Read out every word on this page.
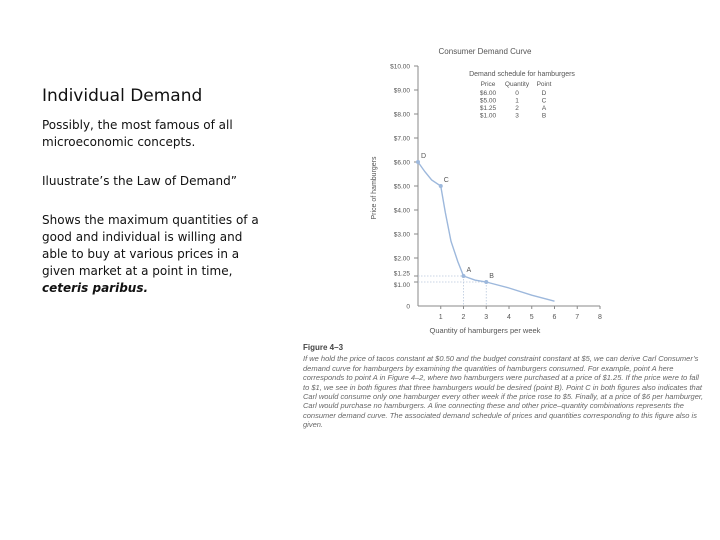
Individual Demand
Possibly, the most famous of all microeconomic concepts.
Iluustrate’s the Law of Demand”
Shows the maximum quantities of a good and individual is willing and able to buy at various prices in a given market at a point in time, ceteris paribus.
Consumer Demand Curve
Price of hamburgers
Quantity of hamburgers per week
$10.00
$9.00
$8.00
$7.00
$6.00
$5.00
$4.00
$3.00
$2.00
$1.25
$1.00
0
1	2	3	4	5	6	7	8
D
C
A
B
Demand schedule for hamburgers
Price Quantity Point
$6.00	0	D
$5.00	1	C
$1.25	2	A
$1.00	3	B
Figure 4–3
If we hold the price of tacos constant at $0.50 and the budget constraint constant at $5, we can derive Carl Consumer’s demand curve for hamburgers by examining the quantities of hamburgers consumed. For example, point A here corresponds to point A in Figure 4–2, where two hamburgers were purchased at a price of $1.25. If the price were to fall to $1, we see in both figures that three hamburgers would be desired (point B). Point C in both figures also indicates that Carl would consume only one hamburger every other week if the price rose to $5. Finally, at a price of $6 per hamburger, Carl would purchase no hamburgers. A line connecting these and other price–quantity combinations represents the consumer demand curve. The associated demand schedule of prices and quantities corresponding to this figure also is given.
